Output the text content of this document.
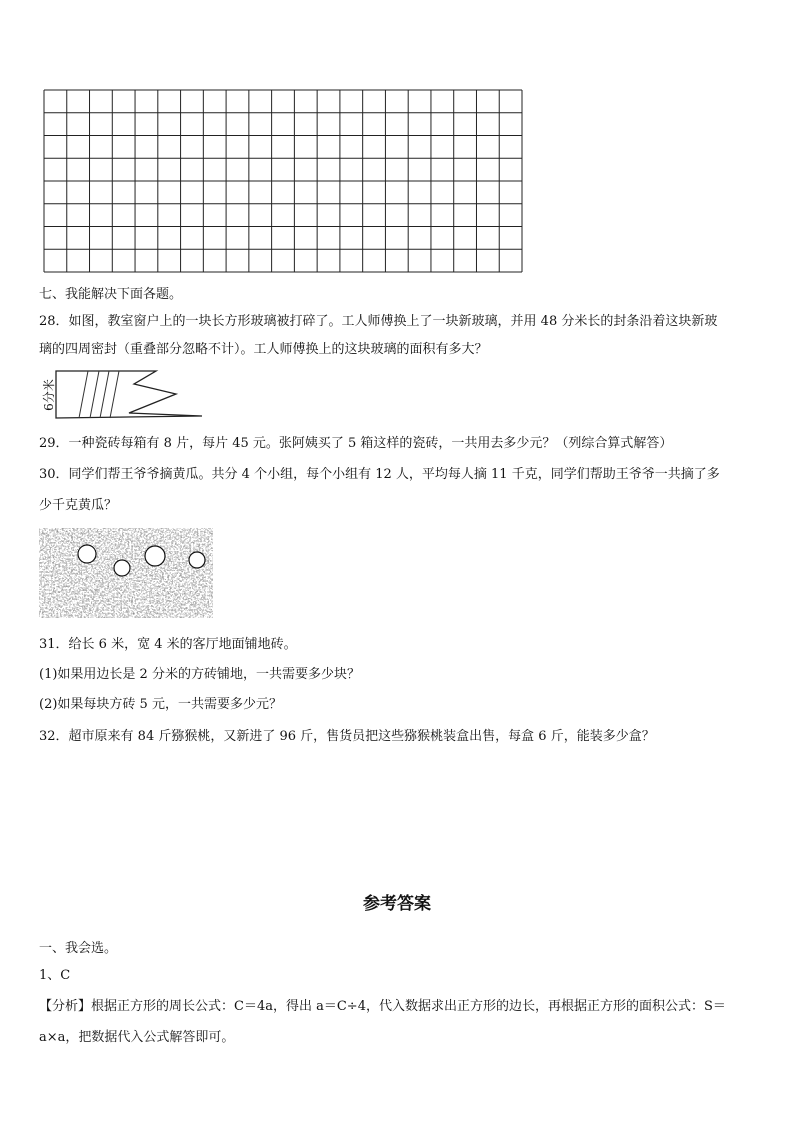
七、我能解决下面各题。
28．如图，教室窗户上的一块长方形玻璃被打碎了。工人师傅换上了一块新玻璃，并用 48 分米长的封条沿着这块新玻
璃的四周密封（重叠部分忽略不计）。工人师傅换上的这块玻璃的面积有多大？
6分米
29．一种瓷砖每箱有 8 片，每片 45 元。张阿姨买了 5 箱这样的瓷砖，一共用去多少元？（列综合算式解答）
30．同学们帮王爷爷摘黄瓜。共分 4 个小组，每个小组有 12 人，平均每人摘 11 千克，同学们帮助王爷爷一共摘了多
少千克黄瓜？
31．给长 6 米，宽 4 米的客厅地面铺地砖。
(1)如果用边长是 2 分米的方砖铺地，一共需要多少块？
(2)如果每块方砖 5 元，一共需要多少元？
32．超市原来有 84 斤猕猴桃，又新进了 96 斤，售货员把这些猕猴桃装盒出售，每盒 6 斤，能装多少盒？
参考答案
一、我会选。
1、C
【分析】根据正方形的周长公式：C＝4a，得出 a＝C÷4，代入数据求出正方形的边长，再根据正方形的面积公式：S＝
a×a，把数据代入公式解答即可。
